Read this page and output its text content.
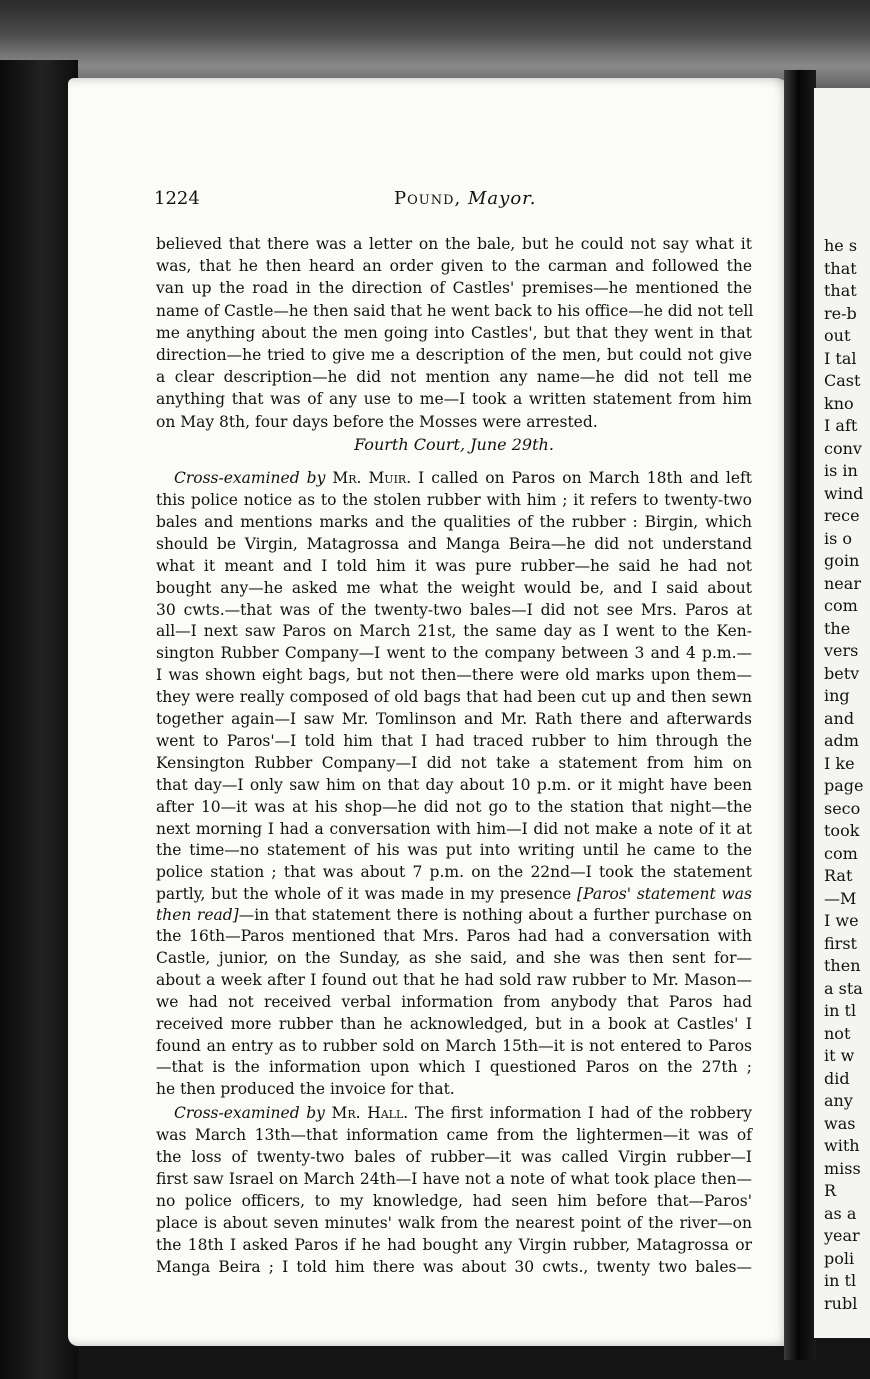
he s
that
that
re-b
out
I tal
Cast
kno
I aft
conv
is in
wind
rece
is o
goin
near
com
the
vers
betv
ing
and
adm
I ke
page
seco
took
com
Rat
—M
I we
first
then
a sta
in tl
not
it w
did
any
was
with
miss
R
as a
year
poli
in tl
rubl
1224	Pound, Mayor.
believed that there was a letter on the bale, but he could not say what it
was, that he then heard an order given to the carman and followed the
van up the road in the direction of Castles' premises—he mentioned the
name of Castle—he then said that he went back to his office—he did not tell
me anything about the men going into Castles', but that they went in that
direction—he tried to give me a description of the men, but could not give
a clear description—he did not mention any name—he did not tell me
anything that was of any use to me—I took a written statement from him
on May 8th, four days before the Mosses were arrested.
Fourth Court, June 29th.
Cross-examined by Mr. Muir. I called on Paros on March 18th and left
this police notice as to the stolen rubber with him ; it refers to twenty-two
bales and mentions marks and the qualities of the rubber : Birgin, which
should be Virgin, Matagrossa and Manga Beira—he did not understand
what it meant and I told him it was pure rubber—he said he had not
bought any—he asked me what the weight would be, and I said about
30 cwts.—that was of the twenty-two bales—I did not see Mrs. Paros at
all—I next saw Paros on March 21st, the same day as I went to the Ken-
sington Rubber Company—I went to the company between 3 and 4 p.m.—
I was shown eight bags, but not then—there were old marks upon them—
they were really composed of old bags that had been cut up and then sewn
together again—I saw Mr. Tomlinson and Mr. Rath there and afterwards
went to Paros'—I told him that I had traced rubber to him through the
Kensington Rubber Company—I did not take a statement from him on
that day—I only saw him on that day about 10 p.m. or it might have been
after 10—it was at his shop—he did not go to the station that night—the
next morning I had a conversation with him—I did not make a note of it at
the time—no statement of his was put into writing until he came to the
police station ; that was about 7 p.m. on the 22nd—I took the statement
partly, but the whole of it was made in my presence [Paros' statement was
then read]—in that statement there is nothing about a further purchase on
the 16th—Paros mentioned that Mrs. Paros had had a conversation with
Castle, junior, on the Sunday, as she said, and she was then sent for—
about a week after I found out that he had sold raw rubber to Mr. Mason—
we had not received verbal information from anybody that Paros had
received more rubber than he acknowledged, but in a book at Castles' I
found an entry as to rubber sold on March 15th—it is not entered to Paros
—that is the information upon which I questioned Paros on the 27th ;
he then produced the invoice for that.
Cross-examined by Mr. Hall. The first information I had of the robbery
was March 13th—that information came from the lightermen—it was of
the loss of twenty-two bales of rubber—it was called Virgin rubber—I
first saw Israel on March 24th—I have not a note of what took place then—
no police officers, to my knowledge, had seen him before that—Paros'
place is about seven minutes' walk from the nearest point of the river—on
the 18th I asked Paros if he had bought any Virgin rubber, Matagrossa or
Manga Beira ; I told him there was about 30 cwts., twenty two bales—
